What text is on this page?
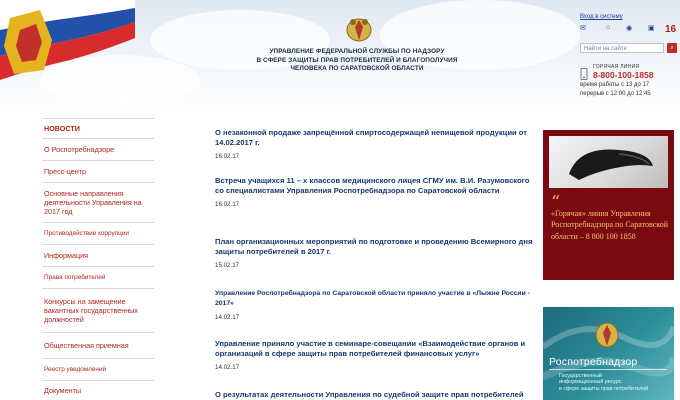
УПРАВЛЕНИЕ ФЕДЕРАЛЬНОЙ СЛУЖБЫ ПО НАДЗОРУ
В СФЕРЕ ЗАЩИТЫ ПРАВ ПОТРЕБИТЕЛЕЙ И БЛАГОПОЛУЧИЯ
ЧЕЛОВЕКА ПО САРАТОВСКОЙ ОБЛАСТИ
Вход в систему
✉	⌂ ◉ ▣ 16
Найти на сайте	⌕
ГОРЯЧАЯ ЛИНИЯ
8-800-100-1858
время работы с 13 до 17
перерыв с 12:00 до 12:45
НОВОСТИ
О Роспотребнадзоре
Пресс-центр
Основные направления деятельности Управления на 2017 год
Противодействие коррупции
Информация
Права потребителей
Конкурсы на замещение вакантных государственных должностей
Общественная приемная
Реестр уведомлений
Документы
О незаконной продаже запрещённой спиртосодержащей непищевой продукции от 14.02.2017 г.
16.02.17
Встреча учащихся 11 – х классов медицинского лицея СГМУ им. В.И. Разумовского со специалистами Управления Роспотребнадзора по Саратовской области
16.02.17
План организационных мероприятий по подготовке и проведению Всемирного дня защиты потребителей в 2017 г.
15.02.17
Управление Роспотребнадзора по Саратовской области приняло участие в «Лыжне России - 2017»
14.02.17
Управление приняло участие в семинаре-совещании «Взаимодействие органов и организаций в сфере защиты прав потребителей финансовых услуг»
14.02.17
О результатах деятельности Управления по судебной защите прав потребителей
“
«Горячая» линия Управления Роспотребнадзора по Саратовской области – 8 800 100 1858
Роспотребнадзор
Государственный
информационный ресурс
в сфере защиты прав потребителей
